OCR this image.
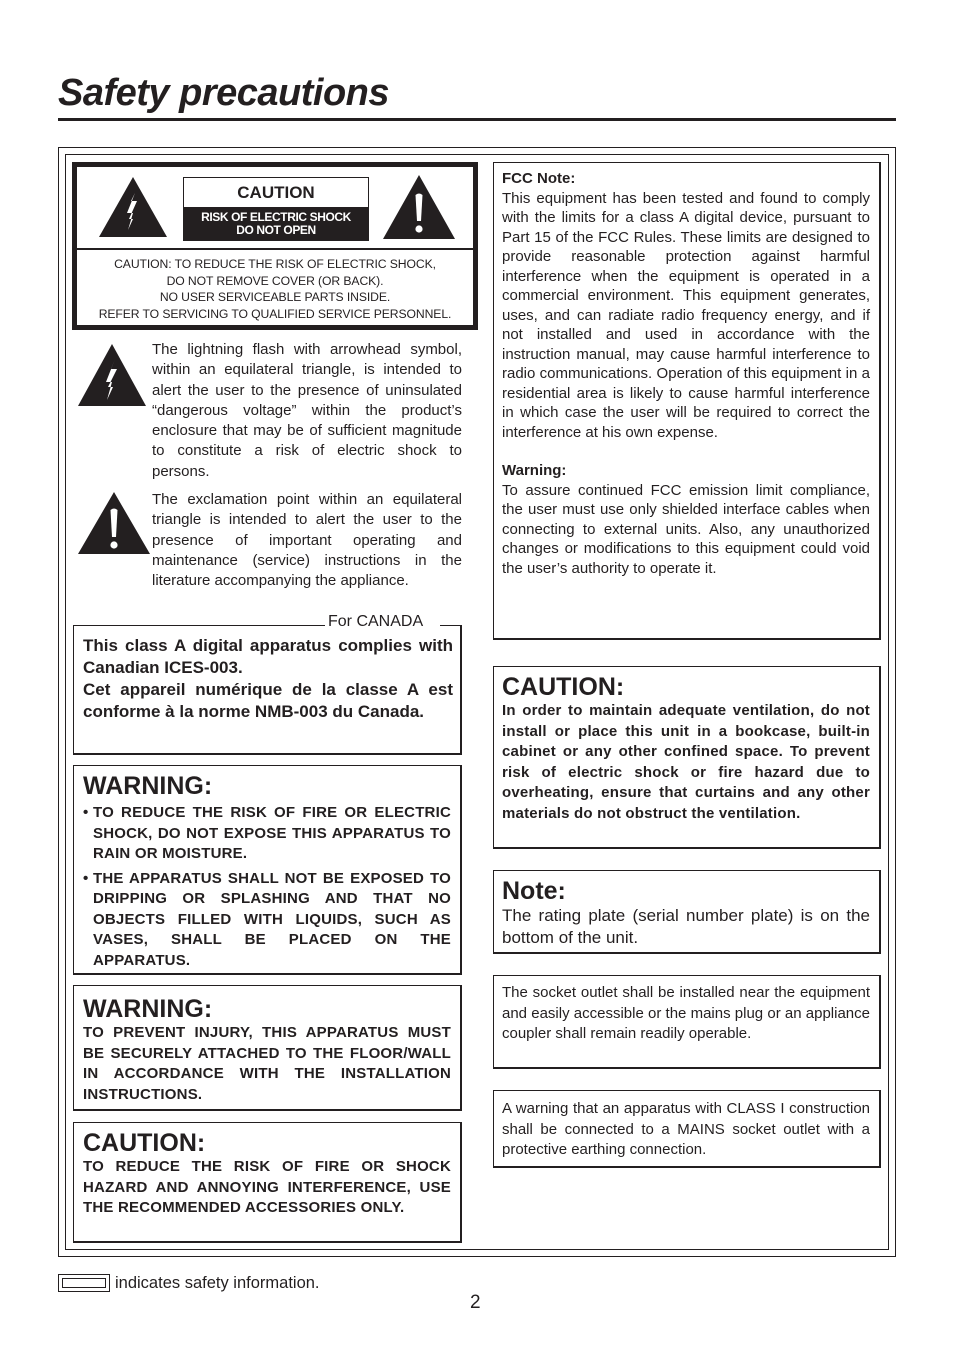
Safety precautions
CAUTION
RISK OF ELECTRIC SHOCK
DO NOT OPEN
CAUTION: TO REDUCE THE RISK OF ELECTRIC SHOCK,
DO NOT REMOVE COVER (OR BACK).
NO USER SERVICEABLE PARTS INSIDE.
REFER TO SERVICING TO QUALIFIED SERVICE PERSONNEL.
The lightning flash with arrowhead symbol, within an equilateral triangle, is intended to alert the user to the presence of uninsulated “dangerous voltage” within the product’s enclosure that may be of sufficient magnitude to constitute a risk of electric shock to persons.
The exclamation point within an equilateral triangle is intended to alert the user to the presence of important operating and maintenance (service) instructions in the literature accompanying the appliance.
For CANADA
This class A digital apparatus complies with Canadian ICES-003.
Cet appareil numérique de la classe A est conforme à la norme NMB-003 du Canada.
WARNING:
• TO REDUCE THE RISK OF FIRE OR ELECTRIC SHOCK, DO NOT EXPOSE THIS APPARATUS TO RAIN OR MOISTURE.
• THE APPARATUS SHALL NOT BE EXPOSED TO DRIPPING OR SPLASHING AND THAT NO OBJECTS FILLED WITH LIQUIDS, SUCH AS VASES, SHALL BE PLACED ON THE APPARATUS.
WARNING:
TO PREVENT INJURY, THIS APPARATUS MUST BE SECURELY ATTACHED TO THE FLOOR/WALL IN ACCORDANCE WITH THE INSTALLATION INSTRUCTIONS.
CAUTION:
TO REDUCE THE RISK OF FIRE OR SHOCK HAZARD AND ANNOYING INTERFERENCE, USE THE RECOMMENDED ACCESSORIES ONLY.
FCC Note:
This equipment has been tested and found to comply with the limits for a class A digital device, pursuant to Part 15 of the FCC Rules. These limits are designed to provide reasonable protection against harmful interference when the equipment is operated in a commercial environment. This equipment generates, uses, and can radiate radio frequency energy, and if not installed and used in accordance with the instruction manual, may cause harmful interference to radio communications. Operation of this equipment in a residential area is likely to cause harmful interference in which case the user will be required to correct the interference at his own expense.
Warning:
To assure continued FCC emission limit compliance, the user must use only shielded interface cables when connecting to external units. Also, any unauthorized changes or modifications to this equipment could void the user’s authority to operate it.
CAUTION:
In order to maintain adequate ventilation, do not install or place this unit in a bookcase, built-in cabinet or any other confined space. To prevent risk of electric shock or fire hazard due to overheating, ensure that curtains and any other materials do not obstruct the ventilation.
Note:
The rating plate (serial number plate) is on the bottom of the unit.
The socket outlet shall be installed near the equipment and easily accessible or the mains plug or an appliance coupler shall remain readily operable.
A warning that an apparatus with CLASS I construction shall be connected to a MAINS socket outlet with a protective earthing connection.
indicates safety information.
2
